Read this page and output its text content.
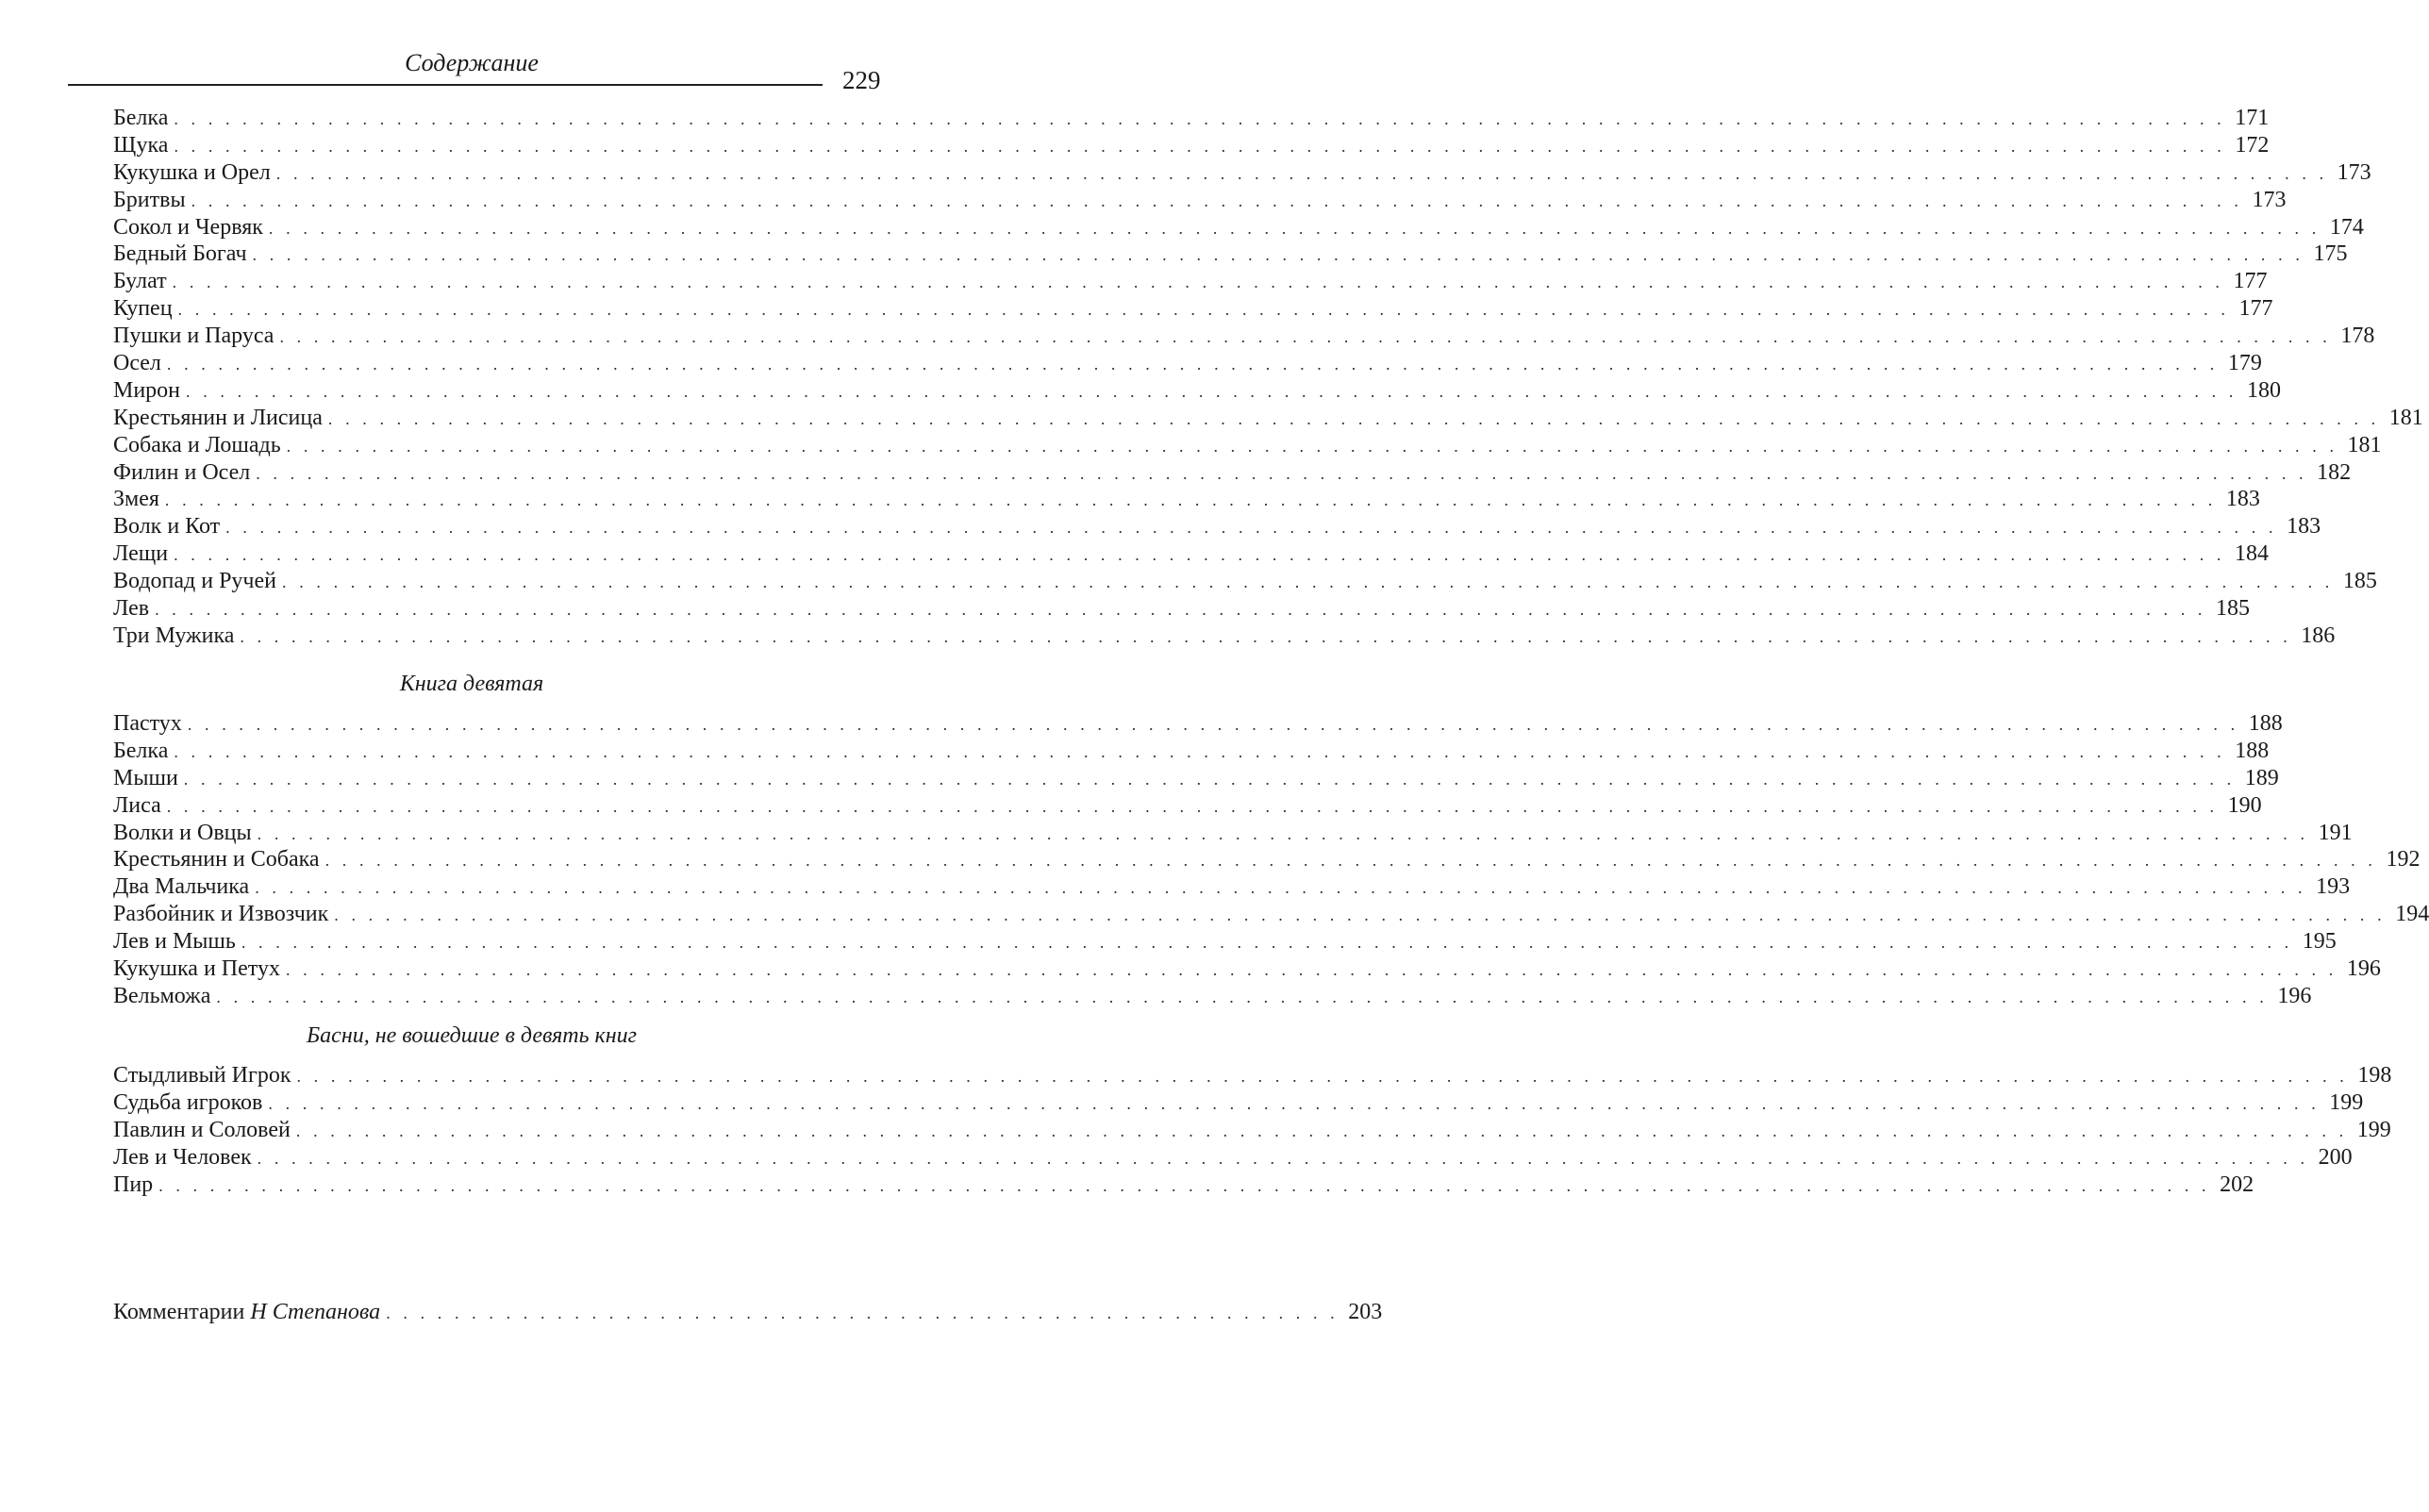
Содержание
229
Белка . . . . . . . . . . . . . . . . . . . . . . . . . . . . . . . . . . . . . . . . . . . . . . . . . . . . . . . . . . . . . . . . . . . . . . . . . . . . . . . . . . . . . . . . . . . . . . . . . . . . . . . . . . . . . . . . . . . . . . . . 171
Щука . . . . . . . . . . . . . . . . . . . . . . . . . . . . . . . . . . . . . . . . . . . . . . . . . . . . . . . . . . . . . . . . . . . . . . . . . . . . . . . . . . . . . . . . . . . . . . . . . . . . . . . . . . . . . . . . . . . . . . . . 172
Кукушка и Орел . . . . . . . . . . . . . . . . . . . . . . . . . . . . . . . . . . . . . . . . . . . . . . . . . . . . . . . . . . . . . . . . . . . . . . . . . . . . . . . . . . . . . . . . . . . . . . . . . . . . . . . . . . . . . . . . . . . . . . . . 173
Бритвы . . . . . . . . . . . . . . . . . . . . . . . . . . . . . . . . . . . . . . . . . . . . . . . . . . . . . . . . . . . . . . . . . . . . . . . . . . . . . . . . . . . . . . . . . . . . . . . . . . . . . . . . . . . . . . . . . . . . . . . . 173
Сокол и Червяк . . . . . . . . . . . . . . . . . . . . . . . . . . . . . . . . . . . . . . . . . . . . . . . . . . . . . . . . . . . . . . . . . . . . . . . . . . . . . . . . . . . . . . . . . . . . . . . . . . . . . . . . . . . . . . . . . . . . . . . . 174
Бедный Богач . . . . . . . . . . . . . . . . . . . . . . . . . . . . . . . . . . . . . . . . . . . . . . . . . . . . . . . . . . . . . . . . . . . . . . . . . . . . . . . . . . . . . . . . . . . . . . . . . . . . . . . . . . . . . . . . . . . . . . . . 175
Булат . . . . . . . . . . . . . . . . . . . . . . . . . . . . . . . . . . . . . . . . . . . . . . . . . . . . . . . . . . . . . . . . . . . . . . . . . . . . . . . . . . . . . . . . . . . . . . . . . . . . . . . . . . . . . . . . . . . . . . . . 177
Купец . . . . . . . . . . . . . . . . . . . . . . . . . . . . . . . . . . . . . . . . . . . . . . . . . . . . . . . . . . . . . . . . . . . . . . . . . . . . . . . . . . . . . . . . . . . . . . . . . . . . . . . . . . . . . . . . . . . . . . . . 177
Пушки и Паруса . . . . . . . . . . . . . . . . . . . . . . . . . . . . . . . . . . . . . . . . . . . . . . . . . . . . . . . . . . . . . . . . . . . . . . . . . . . . . . . . . . . . . . . . . . . . . . . . . . . . . . . . . . . . . . . . . . . . . . . . 178
Осел . . . . . . . . . . . . . . . . . . . . . . . . . . . . . . . . . . . . . . . . . . . . . . . . . . . . . . . . . . . . . . . . . . . . . . . . . . . . . . . . . . . . . . . . . . . . . . . . . . . . . . . . . . . . . . . . . . . . . . . . 179
Мирон . . . . . . . . . . . . . . . . . . . . . . . . . . . . . . . . . . . . . . . . . . . . . . . . . . . . . . . . . . . . . . . . . . . . . . . . . . . . . . . . . . . . . . . . . . . . . . . . . . . . . . . . . . . . . . . . . . . . . . . . 180
Крестьянин и Лисица . . . . . . . . . . . . . . . . . . . . . . . . . . . . . . . . . . . . . . . . . . . . . . . . . . . . . . . . . . . . . . . . . . . . . . . . . . . . . . . . . . . . . . . . . . . . . . . . . . . . . . . . . . . . . . . . . . . . . . . . 181
Собака и Лошадь . . . . . . . . . . . . . . . . . . . . . . . . . . . . . . . . . . . . . . . . . . . . . . . . . . . . . . . . . . . . . . . . . . . . . . . . . . . . . . . . . . . . . . . . . . . . . . . . . . . . . . . . . . . . . . . . . . . . . . . . 181
Филин и Осел . . . . . . . . . . . . . . . . . . . . . . . . . . . . . . . . . . . . . . . . . . . . . . . . . . . . . . . . . . . . . . . . . . . . . . . . . . . . . . . . . . . . . . . . . . . . . . . . . . . . . . . . . . . . . . . . . . . . . . . . 182
Змея . . . . . . . . . . . . . . . . . . . . . . . . . . . . . . . . . . . . . . . . . . . . . . . . . . . . . . . . . . . . . . . . . . . . . . . . . . . . . . . . . . . . . . . . . . . . . . . . . . . . . . . . . . . . . . . . . . . . . . . . 183
Волк и Кот . . . . . . . . . . . . . . . . . . . . . . . . . . . . . . . . . . . . . . . . . . . . . . . . . . . . . . . . . . . . . . . . . . . . . . . . . . . . . . . . . . . . . . . . . . . . . . . . . . . . . . . . . . . . . . . . . . . . . . . . 183
Лещи . . . . . . . . . . . . . . . . . . . . . . . . . . . . . . . . . . . . . . . . . . . . . . . . . . . . . . . . . . . . . . . . . . . . . . . . . . . . . . . . . . . . . . . . . . . . . . . . . . . . . . . . . . . . . . . . . . . . . . . . 184
Водопад и Ручей . . . . . . . . . . . . . . . . . . . . . . . . . . . . . . . . . . . . . . . . . . . . . . . . . . . . . . . . . . . . . . . . . . . . . . . . . . . . . . . . . . . . . . . . . . . . . . . . . . . . . . . . . . . . . . . . . . . . . . . . 185
Лев . . . . . . . . . . . . . . . . . . . . . . . . . . . . . . . . . . . . . . . . . . . . . . . . . . . . . . . . . . . . . . . . . . . . . . . . . . . . . . . . . . . . . . . . . . . . . . . . . . . . . . . . . . . . . . . . . . . . . . . . 185
Три Мужика . . . . . . . . . . . . . . . . . . . . . . . . . . . . . . . . . . . . . . . . . . . . . . . . . . . . . . . . . . . . . . . . . . . . . . . . . . . . . . . . . . . . . . . . . . . . . . . . . . . . . . . . . . . . . . . . . . . . . . . . 186
Книга девятая
Пастух . . . . . . . . . . . . . . . . . . . . . . . . . . . . . . . . . . . . . . . . . . . . . . . . . . . . . . . . . . . . . . . . . . . . . . . . . . . . . . . . . . . . . . . . . . . . . . . . . . . . . . . . . . . . . . . . . . . . . . . . 188
Белка . . . . . . . . . . . . . . . . . . . . . . . . . . . . . . . . . . . . . . . . . . . . . . . . . . . . . . . . . . . . . . . . . . . . . . . . . . . . . . . . . . . . . . . . . . . . . . . . . . . . . . . . . . . . . . . . . . . . . . . . 188
Мыши . . . . . . . . . . . . . . . . . . . . . . . . . . . . . . . . . . . . . . . . . . . . . . . . . . . . . . . . . . . . . . . . . . . . . . . . . . . . . . . . . . . . . . . . . . . . . . . . . . . . . . . . . . . . . . . . . . . . . . . . 189
Лиса . . . . . . . . . . . . . . . . . . . . . . . . . . . . . . . . . . . . . . . . . . . . . . . . . . . . . . . . . . . . . . . . . . . . . . . . . . . . . . . . . . . . . . . . . . . . . . . . . . . . . . . . . . . . . . . . . . . . . . . . 190
Волки и Овцы . . . . . . . . . . . . . . . . . . . . . . . . . . . . . . . . . . . . . . . . . . . . . . . . . . . . . . . . . . . . . . . . . . . . . . . . . . . . . . . . . . . . . . . . . . . . . . . . . . . . . . . . . . . . . . . . . . . . . . . . 191
Крестьянин и Собака . . . . . . . . . . . . . . . . . . . . . . . . . . . . . . . . . . . . . . . . . . . . . . . . . . . . . . . . . . . . . . . . . . . . . . . . . . . . . . . . . . . . . . . . . . . . . . . . . . . . . . . . . . . . . . . . . . . . . . . . 192
Два Мальчика . . . . . . . . . . . . . . . . . . . . . . . . . . . . . . . . . . . . . . . . . . . . . . . . . . . . . . . . . . . . . . . . . . . . . . . . . . . . . . . . . . . . . . . . . . . . . . . . . . . . . . . . . . . . . . . . . . . . . . . . 193
Разбойник и Извозчик . . . . . . . . . . . . . . . . . . . . . . . . . . . . . . . . . . . . . . . . . . . . . . . . . . . . . . . . . . . . . . . . . . . . . . . . . . . . . . . . . . . . . . . . . . . . . . . . . . . . . . . . . . . . . . . . . . . . . . . . 194
Лев и Мышь . . . . . . . . . . . . . . . . . . . . . . . . . . . . . . . . . . . . . . . . . . . . . . . . . . . . . . . . . . . . . . . . . . . . . . . . . . . . . . . . . . . . . . . . . . . . . . . . . . . . . . . . . . . . . . . . . . . . . . . . 195
Кукушка и Петух . . . . . . . . . . . . . . . . . . . . . . . . . . . . . . . . . . . . . . . . . . . . . . . . . . . . . . . . . . . . . . . . . . . . . . . . . . . . . . . . . . . . . . . . . . . . . . . . . . . . . . . . . . . . . . . . . . . . . . . . 196
Вельможа . . . . . . . . . . . . . . . . . . . . . . . . . . . . . . . . . . . . . . . . . . . . . . . . . . . . . . . . . . . . . . . . . . . . . . . . . . . . . . . . . . . . . . . . . . . . . . . . . . . . . . . . . . . . . . . . . . . . . . . . 196
Басни, не вошедшие в девять книг
Стыдливый Игрок . . . . . . . . . . . . . . . . . . . . . . . . . . . . . . . . . . . . . . . . . . . . . . . . . . . . . . . . . . . . . . . . . . . . . . . . . . . . . . . . . . . . . . . . . . . . . . . . . . . . . . . . . . . . . . . . . . . . . . . . 198
Судьба игроков . . . . . . . . . . . . . . . . . . . . . . . . . . . . . . . . . . . . . . . . . . . . . . . . . . . . . . . . . . . . . . . . . . . . . . . . . . . . . . . . . . . . . . . . . . . . . . . . . . . . . . . . . . . . . . . . . . . . . . . . 199
Павлин и Соловей . . . . . . . . . . . . . . . . . . . . . . . . . . . . . . . . . . . . . . . . . . . . . . . . . . . . . . . . . . . . . . . . . . . . . . . . . . . . . . . . . . . . . . . . . . . . . . . . . . . . . . . . . . . . . . . . . . . . . . . . 199
Лев и Человек . . . . . . . . . . . . . . . . . . . . . . . . . . . . . . . . . . . . . . . . . . . . . . . . . . . . . . . . . . . . . . . . . . . . . . . . . . . . . . . . . . . . . . . . . . . . . . . . . . . . . . . . . . . . . . . . . . . . . . . . 200
Пир . . . . . . . . . . . . . . . . . . . . . . . . . . . . . . . . . . . . . . . . . . . . . . . . . . . . . . . . . . . . . . . . . . . . . . . . . . . . . . . . . . . . . . . . . . . . . . . . . . . . . . . . . . . . . . . . . . . . . . . . 202
Комментарии Н Степанова . . . . . . . . . . . . . . . . . . . . . . . . . . . . . . . . . . . . . . . . . . . . . . . . . . . . . . . . 203
